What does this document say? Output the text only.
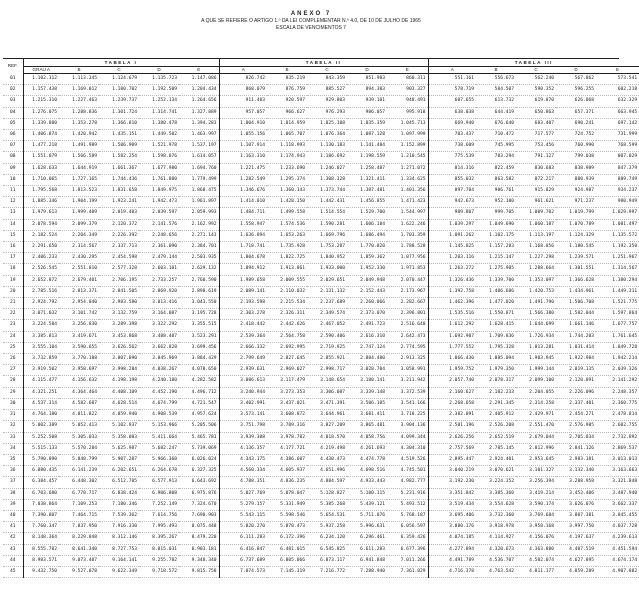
ANEXO 7
A QUE SE REFIERE O ARTIGO 1.º DA LEI COMPLEMENTAR N.º 4.0, DE 10 DE JULHO DE 1965
ESCALA DE VENCIMENTOS 7
REF.	TABELA I					TABELA II					TABELA III				
	GRAU A	B	C	D	E	A	B	C	D	E	A	B	C	D	E
01	1.102.312	1.113.345	1.124.679	1.135.723	1.147.086	826.742	835.219	843.359	851.983	860.311	551.161	556.673	562.240	567.862	573.541
02	1.157.438	1.169.012	1.180.702	1.192.509	1.204.434	868.079	876.759	885.527	894.383	903.327	578.719	584.507	590.352	596.255	602.218
03	1.215.310	1.227.463	1.239.737	1.252.134	1.264.656	911.483	920.597	929.803	939.101	948.491	607.655	613.732	619.870	626.068	632.329
04	1.276.075	1.288.836	1.301.724	1.314.741	1.327.889	957.057	966.627	976.293	986.057	995.918	638.038	644.419	650.863	657.371	663.945
05	1.339.880	1.353.278	1.366.810	1.380.478	1.394.283	1.004.910	1.014.959	1.025.108	1.035.359	1.045.713	669.940	676.640	683.407	690.241	697.142
06	1.406.874	1.420.942	1.435.151	1.449.502	1.463.997	1.055.156	1.065.707	1.076.364	1.087.128	1.097.999	703.437	710.472	717.577	724.752	731.999
07	1.477.218	1.491.989	1.506.909	1.521.978	1.537.197	1.107.914	1.118.993	1.130.183	1.141.484	1.152.899	738.609	745.995	753.456	760.990	768.599
08	1.551.079	1.566.589	1.582.254	1.598.076	1.614.057	1.163.310	1.174.943	1.186.692	1.198.559	1.210.545	775.539	783.294	791.127	799.038	807.029
09	1.628.633	1.644.919	1.661.367	1.677.980	1.694.760	1.221.475	1.233.690	1.246.027	1.258.487	1.271.072	814.316	822.459	830.683	838.989	847.379
10	1.710.065	1.727.165	1.744.436	1.761.880	1.779.499	1.282.549	1.295.374	1.308.328	1.321.411	1.334.625	855.032	863.582	872.217	880.939	889.749
11	1.795.568	1.813.523	1.831.658	1.849.975	1.868.475	1.346.676	1.360.143	1.373.744	1.387.481	1.401.356	897.784	906.761	915.829	924.987	934.237
12	1.885.346	1.904.199	1.923.241	1.942.473	1.961.897	1.414.010	1.428.150	1.442.431	1.456.855	1.471.423	942.673	952.100	961.621	971.237	980.949
13	1.979.613	1.999.409	2.019.403	2.039.597	2.059.993	1.484.711	1.499.558	1.514.554	1.529.700	1.544.997	989.807	999.705	1.009.702	1.019.799	1.029.997
14	2.078.594	2.099.379	2.120.372	2.141.576	2.162.992	1.558.947	1.574.536	1.590.281	1.606.184	1.622.246	1.039.297	1.049.690	1.060.187	1.070.789	1.081.497
15	2.182.524	2.204.349	2.226.392	2.248.656	2.271.143	1.636.894	1.653.263	1.669.796	1.686.494	1.703.359	1.091.262	1.102.175	1.113.197	1.124.329	1.135.572
16	2.291.650	2.314.567	2.337.713	2.361.090	2.384.701	1.718.741	1.735.928	1.753.287	1.770.820	1.788.528	1.145.825	1.157.283	1.168.856	1.180.545	1.192.350
17	2.406.233	2.430.295	2.454.598	2.479.144	2.503.935	1.804.678	1.822.725	1.840.952	1.859.362	1.877.956	1.203.116	1.215.147	1.227.298	1.239.571	1.251.967
18	2.526.545	2.551.810	2.577.328	2.603.101	2.629.132	1.894.912	1.913.861	1.933.000	1.952.330	1.971.853	1.263.272	1.275.905	1.288.664	1.301.551	1.314.567
19	2.652.872	2.679.401	2.706.195	2.733.257	2.760.590	1.989.658	2.009.555	2.029.651	2.049.948	2.070.447	1.326.436	1.339.700	1.353.097	1.366.628	1.380.294
20	2.785.516	2.813.371	2.841.505	2.869.920	2.898.619	2.089.141	2.110.032	2.131.132	2.152.443	2.173.967	1.392.758	1.406.686	1.420.753	1.434.961	1.449.311
21	2.924.792	2.954.040	2.983.580	3.013.416	3.043.550	2.193.598	2.215.534	2.237.689	2.260.066	2.282.667	1.462.396	1.477.020	1.491.790	1.506.708	1.521.775
22	3.071.032	3.101.742	3.132.759	3.164.087	3.195.728	2.303.278	2.326.311	2.349.574	2.373.070	2.396.801	1.535.516	1.550.871	1.566.380	1.582.044	1.597.864
23	3.224.584	3.256.830	3.289.398	3.322.292	3.355.515	2.418.442	2.442.626	2.467.052	2.491.723	2.516.640	1.612.292	1.628.415	1.644.699	1.661.146	1.677.757
24	3.385.813	3.419.671	3.453.868	3.488.407	3.523.291	2.539.364	2.564.758	2.590.406	2.616.310	2.642.473	1.692.907	1.709.836	1.726.934	1.744.203	1.761.645
25	3.555.104	3.590.655	3.626.562	3.662.828	3.699.456	2.666.332	2.692.995	2.719.925	2.747.124	2.774.595	1.777.552	1.795.328	1.813.281	1.831.414	1.849.728
26	3.732.859	3.770.188	3.807.890	3.845.969	3.884.429	2.799.649	2.827.645	2.855.921	2.884.480	2.913.325	1.866.430	1.885.094	1.903.945	1.922.984	1.942.214
27	3.919.502	3.958.697	3.998.284	4.038.267	4.078.650	2.939.631	2.969.027	2.998.717	3.028.704	3.058.991	1.959.752	1.979.350	1.999.144	2.019.135	2.039.326
28	4.115.477	4.156.632	4.198.198	4.240.180	4.282.582	3.086.613	3.117.479	3.148.654	3.180.141	3.211.942	2.057.740	2.078.317	2.099.100	2.120.091	2.141.292
29	4.321.251	4.364.464	4.408.109	4.452.190	4.496.712	3.240.944	3.273.353	3.306.087	3.339.148	3.372.539	2.160.627	2.182.233	2.204.055	2.226.096	2.248.357
30	4.537.314	4.582.687	4.628.514	4.674.799	4.721.547	3.402.991	3.437.021	3.471.391	3.506.105	3.541.166	2.268.658	2.291.345	2.314.258	2.337.401	2.360.775
31	4.764.180	4.811.822	4.859.940	4.908.539	4.957.624	3.573.141	3.608.872	3.644.961	3.681.411	3.718.225	2.382.091	2.405.912	2.429.971	2.454.271	2.478.814
32	5.002.389	5.052.413	5.102.937	5.153.966	5.205.506	3.751.798	3.789.316	3.827.209	3.865.481	3.904.136	2.501.196	2.526.208	2.551.470	2.576.985	2.602.755
33	5.252.508	5.305.033	5.358.083	5.411.664	5.465.781	3.939.388	3.978.782	4.018.570	4.058.756	4.099.344	2.626.256	2.652.519	2.679.044	2.705.834	2.732.892
34	5.515.133	5.570.284	5.625.987	5.682.247	5.739.069	4.136.357	4.177.721	4.219.498	4.261.693	4.304.310	2.757.569	2.785.145	2.812.996	2.841.126	2.869.537
35	5.790.890	5.848.799	5.907.287	5.966.360	6.026.024	4.343.175	4.386.607	4.430.473	4.474.778	4.519.526	2.895.447	2.924.401	2.953.645	2.983.181	3.013.013
36	6.080.435	6.141.239	6.202.651	6.264.678	6.327.325	4.560.334	4.605.937	4.651.996	4.698.516	4.745.501	3.040.219	3.070.621	3.101.327	3.132.340	3.163.663
37	6.384.457	6.448.302	6.512.785	6.577.913	6.643.692	4.788.351	4.836.235	4.884.597	4.933.443	4.982.777	3.192.230	3.224.152	3.256.394	3.288.958	3.321.848
38	6.703.680	6.770.717	6.838.424	6.906.808	6.975.876	5.027.769	5.078.047	5.128.827	5.180.115	5.231.916	3.351.842	3.385.360	3.419.214	3.453.406	3.487.940
39	7.038.864	7.109.253	7.180.346	7.252.149	7.324.670	5.279.157	5.331.949	5.385.268	5.439.121	5.493.512	3.519.434	3.554.628	3.590.174	3.626.076	3.662.337
40	7.390.807	7.464.715	7.539.362	7.614.756	7.690.903	5.543.115	5.598.546	5.654.531	5.711.076	5.768.187	3.695.406	3.732.360	3.769.684	3.807.381	3.845.455
41	7.760.347	7.837.950	7.916.330	7.995.493	8.075.448	5.820.270	5.878.473	5.937.258	5.996.631	6.056.597	3.880.176	3.918.978	3.958.168	3.997.750	4.037.728
42	8.148.364	8.229.848	8.312.146	8.395.267	8.479.220	6.111.283	6.172.396	6.234.120	6.296.461	6.359.426	4.074.185	4.114.927	4.156.076	4.197.637	4.239.613
43	8.555.782	8.641.340	8.727.753	8.815.031	8.903.181	6.416.847	6.481.015	6.545.825	6.611.283	6.677.396	4.277.894	4.320.673	4.363.880	4.407.519	4.451.594
44	8.983.571	9.073.407	9.164.141	9.255.782	9.348.340	6.737.689	6.805.066	6.873.117	6.941.848	7.011.266	4.491.789	4.536.707	4.582.074	4.627.895	4.674.174
45	9.432.750	9.527.078	9.622.349	9.718.572	9.815.758	7.074.573	7.145.319	7.216.772	7.288.940	7.361.829	4.716.378	4.763.542	4.811.177	4.859.289	4.907.882
